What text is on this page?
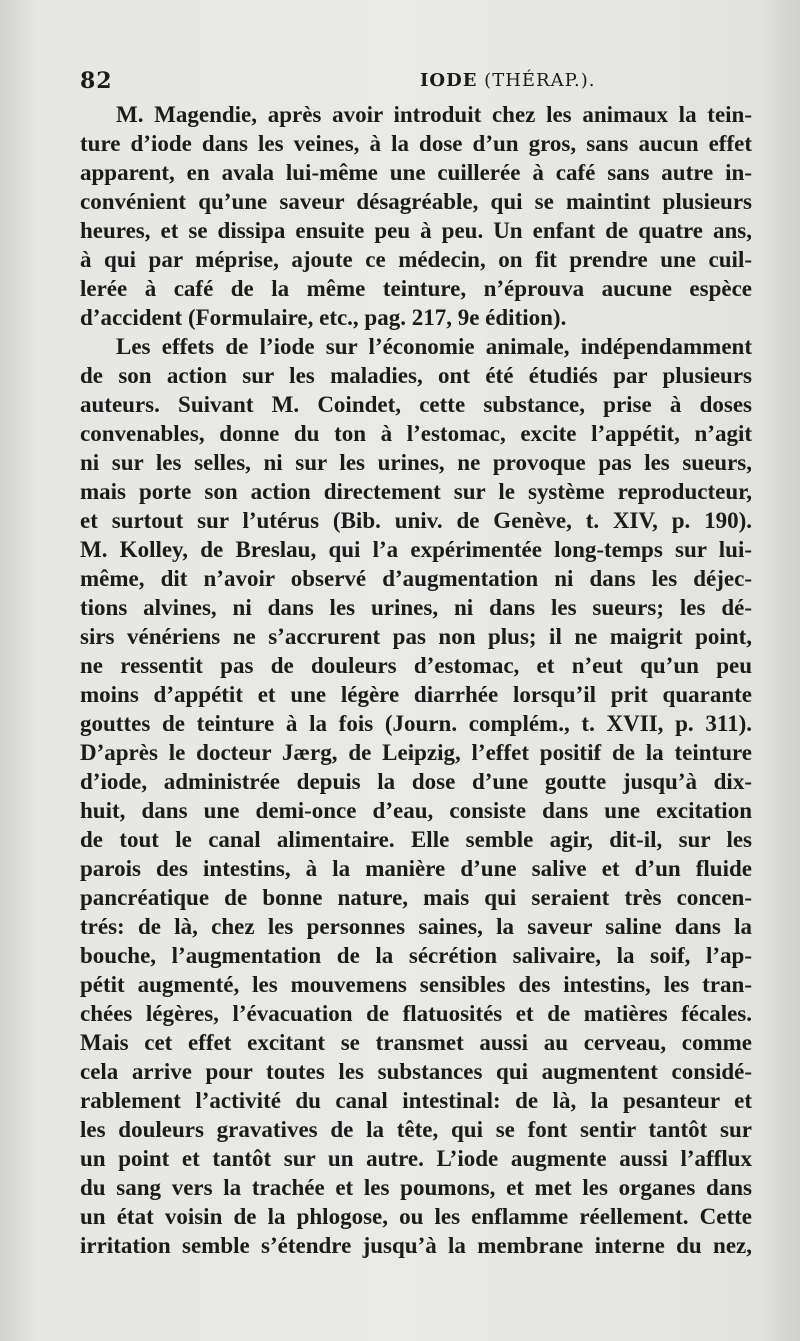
82	IODE (THÉRAP.).
M. Magendie, après avoir introduit chez les animaux la tein-
ture d’iode dans les veines, à la dose d’un gros, sans aucun effet
apparent, en avala lui-même une cuillerée à café sans autre in-
convénient qu’une saveur désagréable, qui se maintint plusieurs
heures, et se dissipa ensuite peu à peu. Un enfant de quatre ans,
à qui par méprise, ajoute ce médecin, on fit prendre une cuil-
lerée à café de la même teinture, n’éprouva aucune espèce
d’accident (Formulaire, etc., pag. 217, 9e édition).
Les effets de l’iode sur l’économie animale, indépendamment
de son action sur les maladies, ont été étudiés par plusieurs
auteurs. Suivant M. Coindet, cette substance, prise à doses
convenables, donne du ton à l’estomac, excite l’appétit, n’agit
ni sur les selles, ni sur les urines, ne provoque pas les sueurs,
mais porte son action directement sur le système reproducteur,
et surtout sur l’utérus (Bib. univ. de Genève, t. XIV, p. 190).
M. Kolley, de Breslau, qui l’a expérimentée long-temps sur lui-
même, dit n’avoir observé d’augmentation ni dans les déjec-
tions alvines, ni dans les urines, ni dans les sueurs; les dé-
sirs vénériens ne s’accrurent pas non plus; il ne maigrit point,
ne ressentit pas de douleurs d’estomac, et n’eut qu’un peu
moins d’appétit et une légère diarrhée lorsqu’il prit quarante
gouttes de teinture à la fois (Journ. complém., t. XVII, p. 311).
D’après le docteur Jærg, de Leipzig, l’effet positif de la teinture
d’iode, administrée depuis la dose d’une goutte jusqu’à dix-
huit, dans une demi-once d’eau, consiste dans une excitation
de tout le canal alimentaire. Elle semble agir, dit-il, sur les
parois des intestins, à la manière d’une salive et d’un fluide
pancréatique de bonne nature, mais qui seraient très concen-
trés: de là, chez les personnes saines, la saveur saline dans la
bouche, l’augmentation de la sécrétion salivaire, la soif, l’ap-
pétit augmenté, les mouvemens sensibles des intestins, les tran-
chées légères, l’évacuation de flatuosités et de matières fécales.
Mais cet effet excitant se transmet aussi au cerveau, comme
cela arrive pour toutes les substances qui augmentent considé-
rablement l’activité du canal intestinal: de là, la pesanteur et
les douleurs gravatives de la tête, qui se font sentir tantôt sur
un point et tantôt sur un autre. L’iode augmente aussi l’afflux
du sang vers la trachée et les poumons, et met les organes dans
un état voisin de la phlogose, ou les enflamme réellement. Cette
irritation semble s’étendre jusqu’à la membrane interne du nez,
